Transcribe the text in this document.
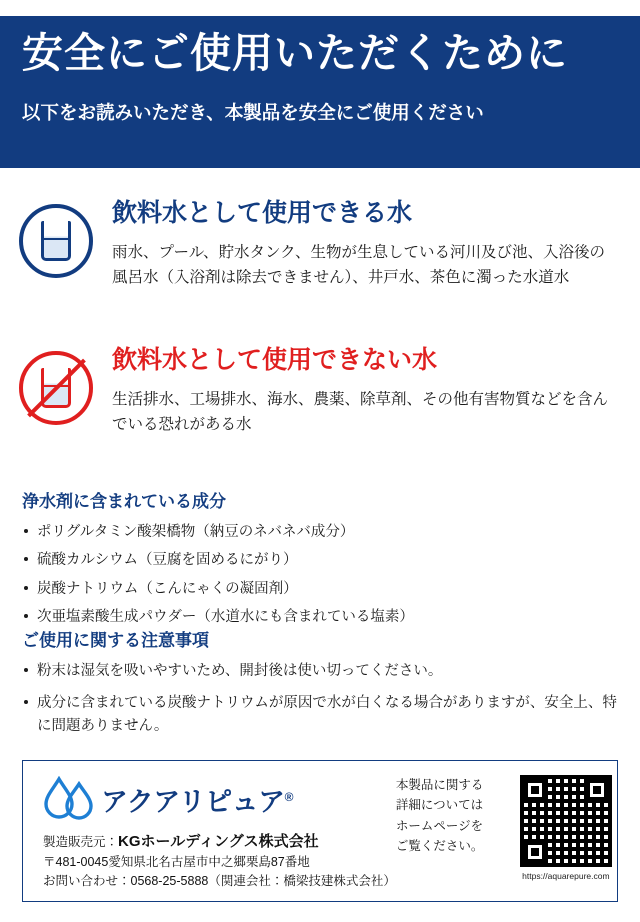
安全にご使用いただくために
以下をお読みいただき、本製品を安全にご使用ください
飲料水として使用できる水
雨水、プール、貯水タンク、生物が生息している河川及び池、入浴後の風呂水（入浴剤は除去できません）、井戸水、茶色に濁った水道水
飲料水として使用できない水
生活排水、工場排水、海水、農薬、除草剤、その他有害物質などを含んでいる恐れがある水
浄水剤に含まれている成分
ポリグルタミン酸架橋物（納豆のネバネバ成分）
硫酸カルシウム（豆腐を固めるにがり）
炭酸ナトリウム（こんにゃくの凝固剤）
次亜塩素酸生成パウダー（水道水にも含まれている塩素）
ご使用に関する注意事項
粉末は湿気を吸いやすいため、開封後は使い切ってください。
成分に含まれている炭酸ナトリウムが原因で水が白くなる場合がありますが、安全上、特に問題ありません。
アクアリピュア®
製造販売元：KGホールディングス株式会社
〒481-0045愛知県北名古屋市中之郷栗島87番地
お問い合わせ：0568-25-5888（関連会社：橋梁技建株式会社）
本製品に関する
詳細については
ホームページを
ご覧ください。
https://aquarepure.com
